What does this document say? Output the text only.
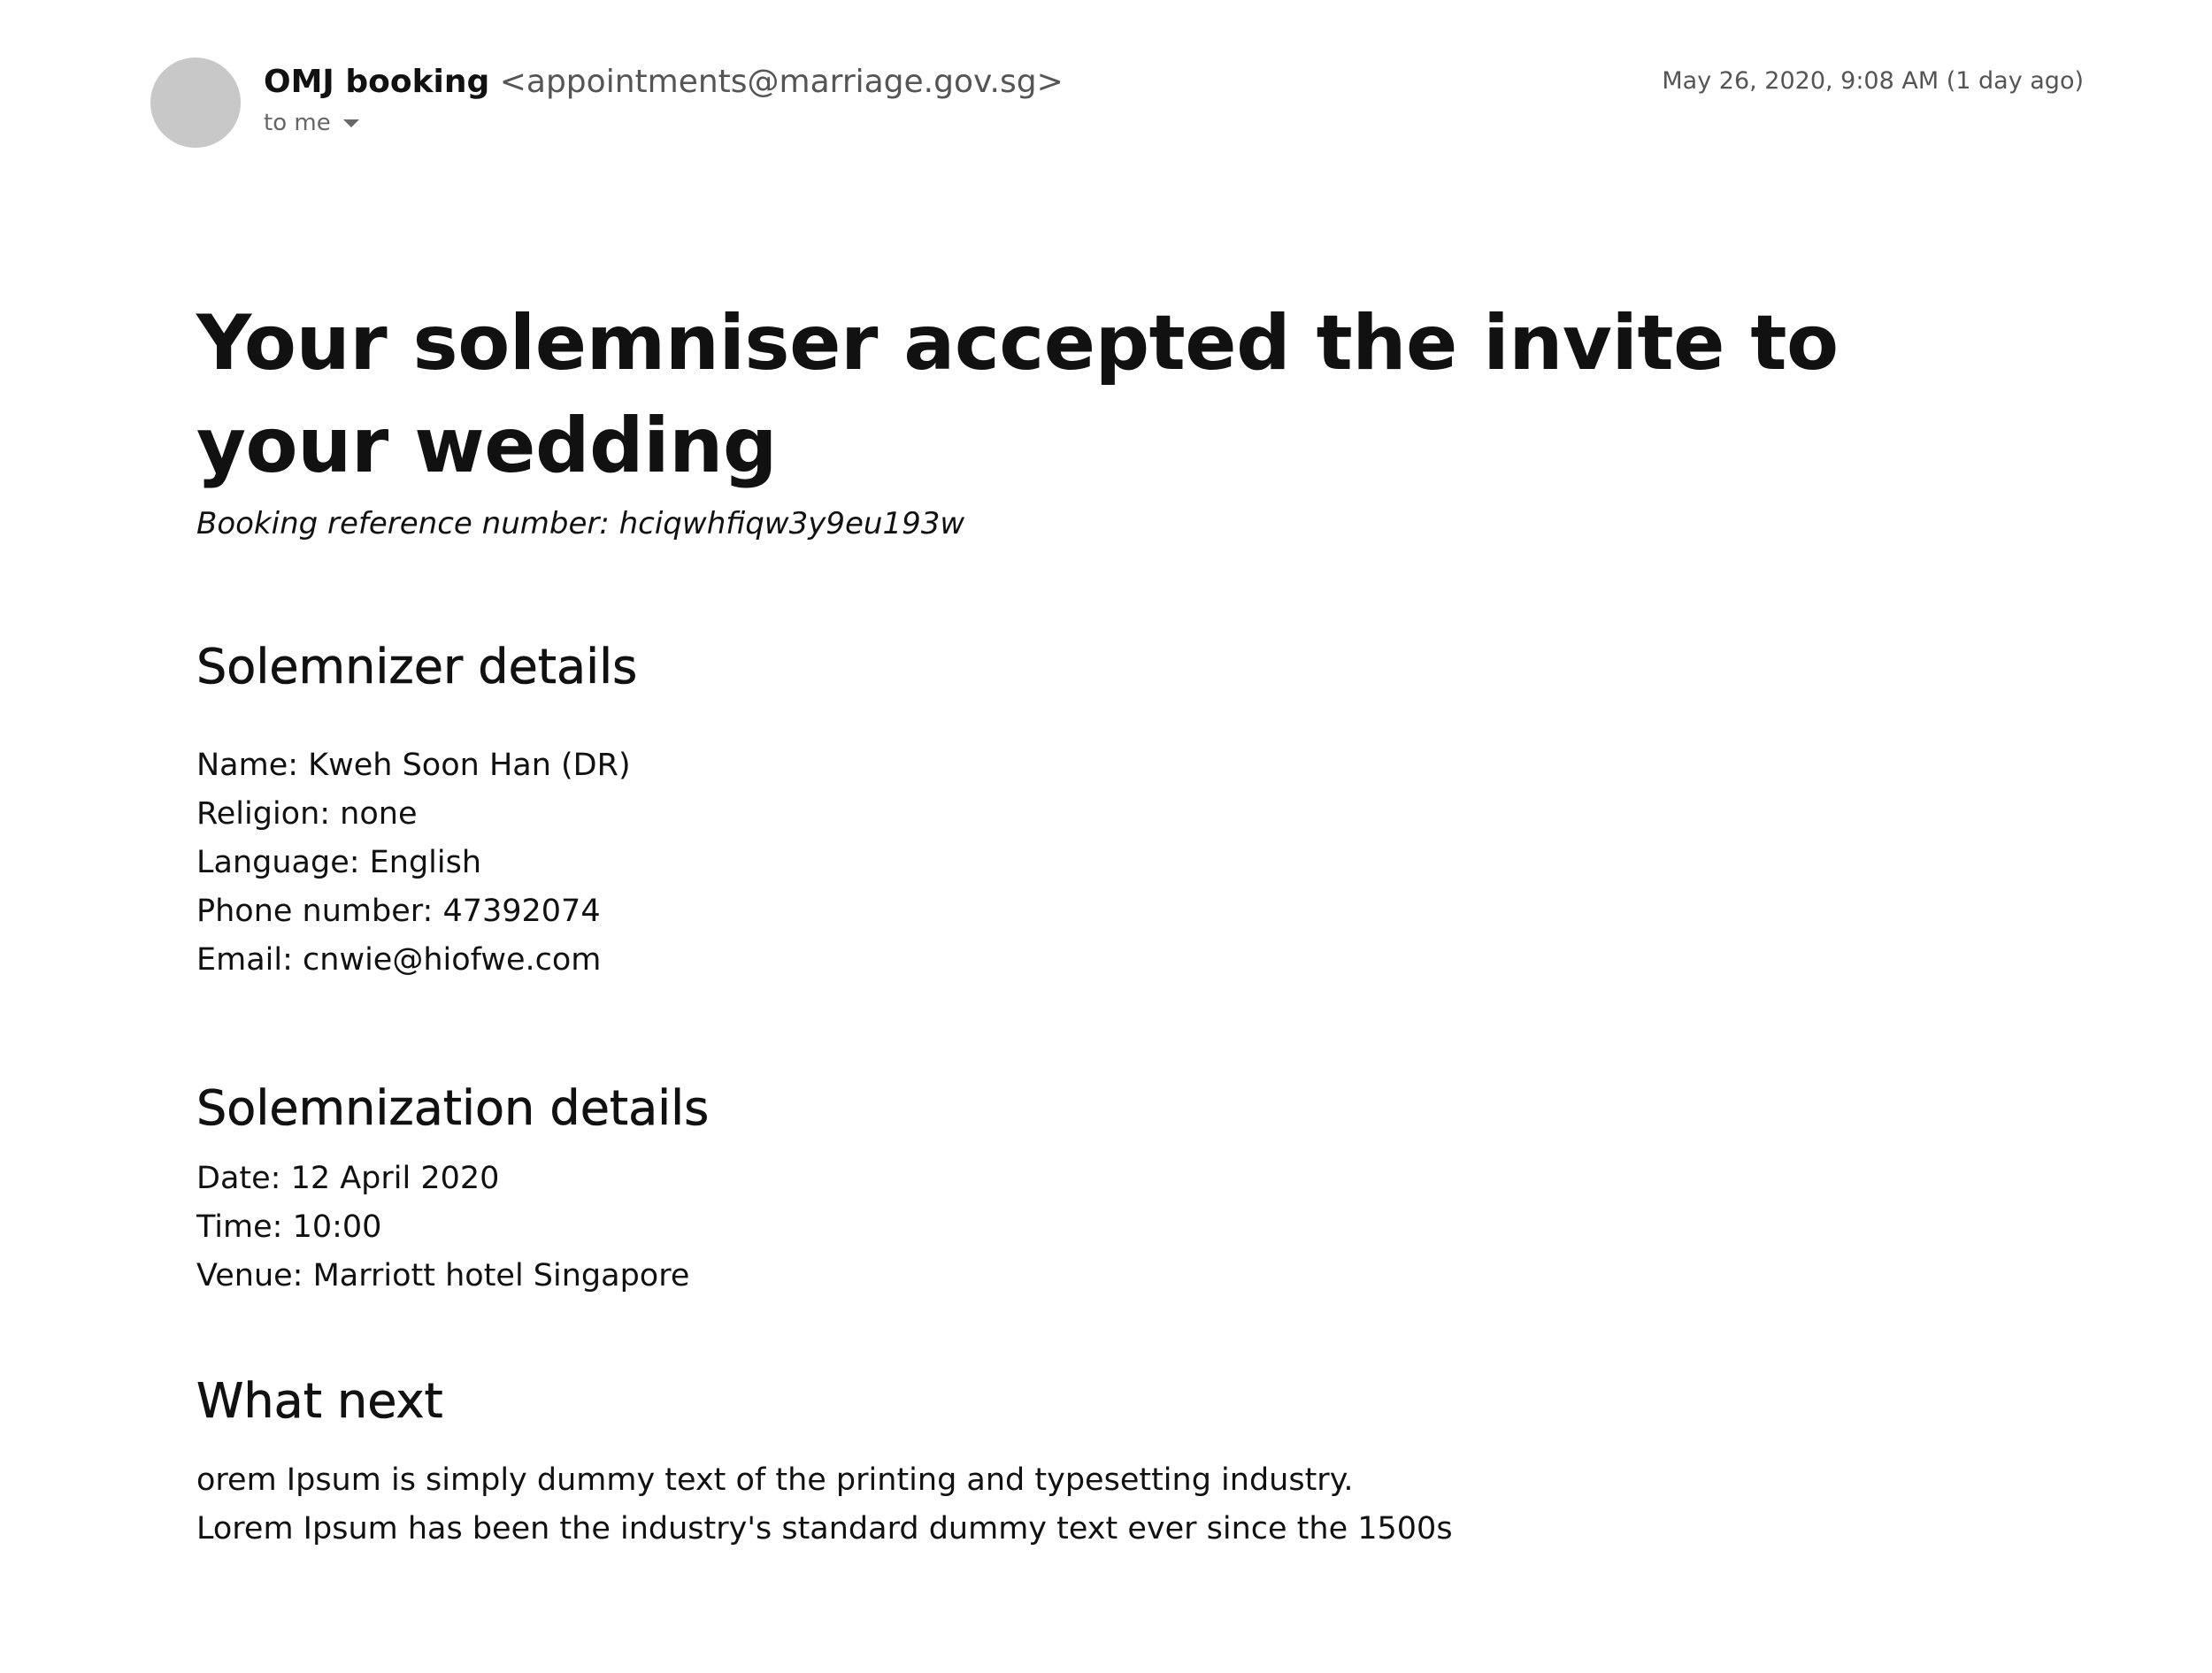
OMJ booking <appointments@marriage.gov.sg>
to me
May 26, 2020, 9:08 AM (1 day ago)
Your solemniser accepted the invite to your wedding

Booking reference number: hciqwhfiqw3y9eu193w

Solemnizer details

Name: Kweh Soon Han (DR)

Religion: none

Language: English

Phone number: 47392074

Email: cnwie@hiofwe.com

Solemnization details

Date: 12 April 2020

Time: 10:00

Venue: Marriott hotel Singapore

What next

orem Ipsum is simply dummy text of the printing and typesetting industry. Lorem Ipsum has been the industry's standard dummy text ever since the 1500s
